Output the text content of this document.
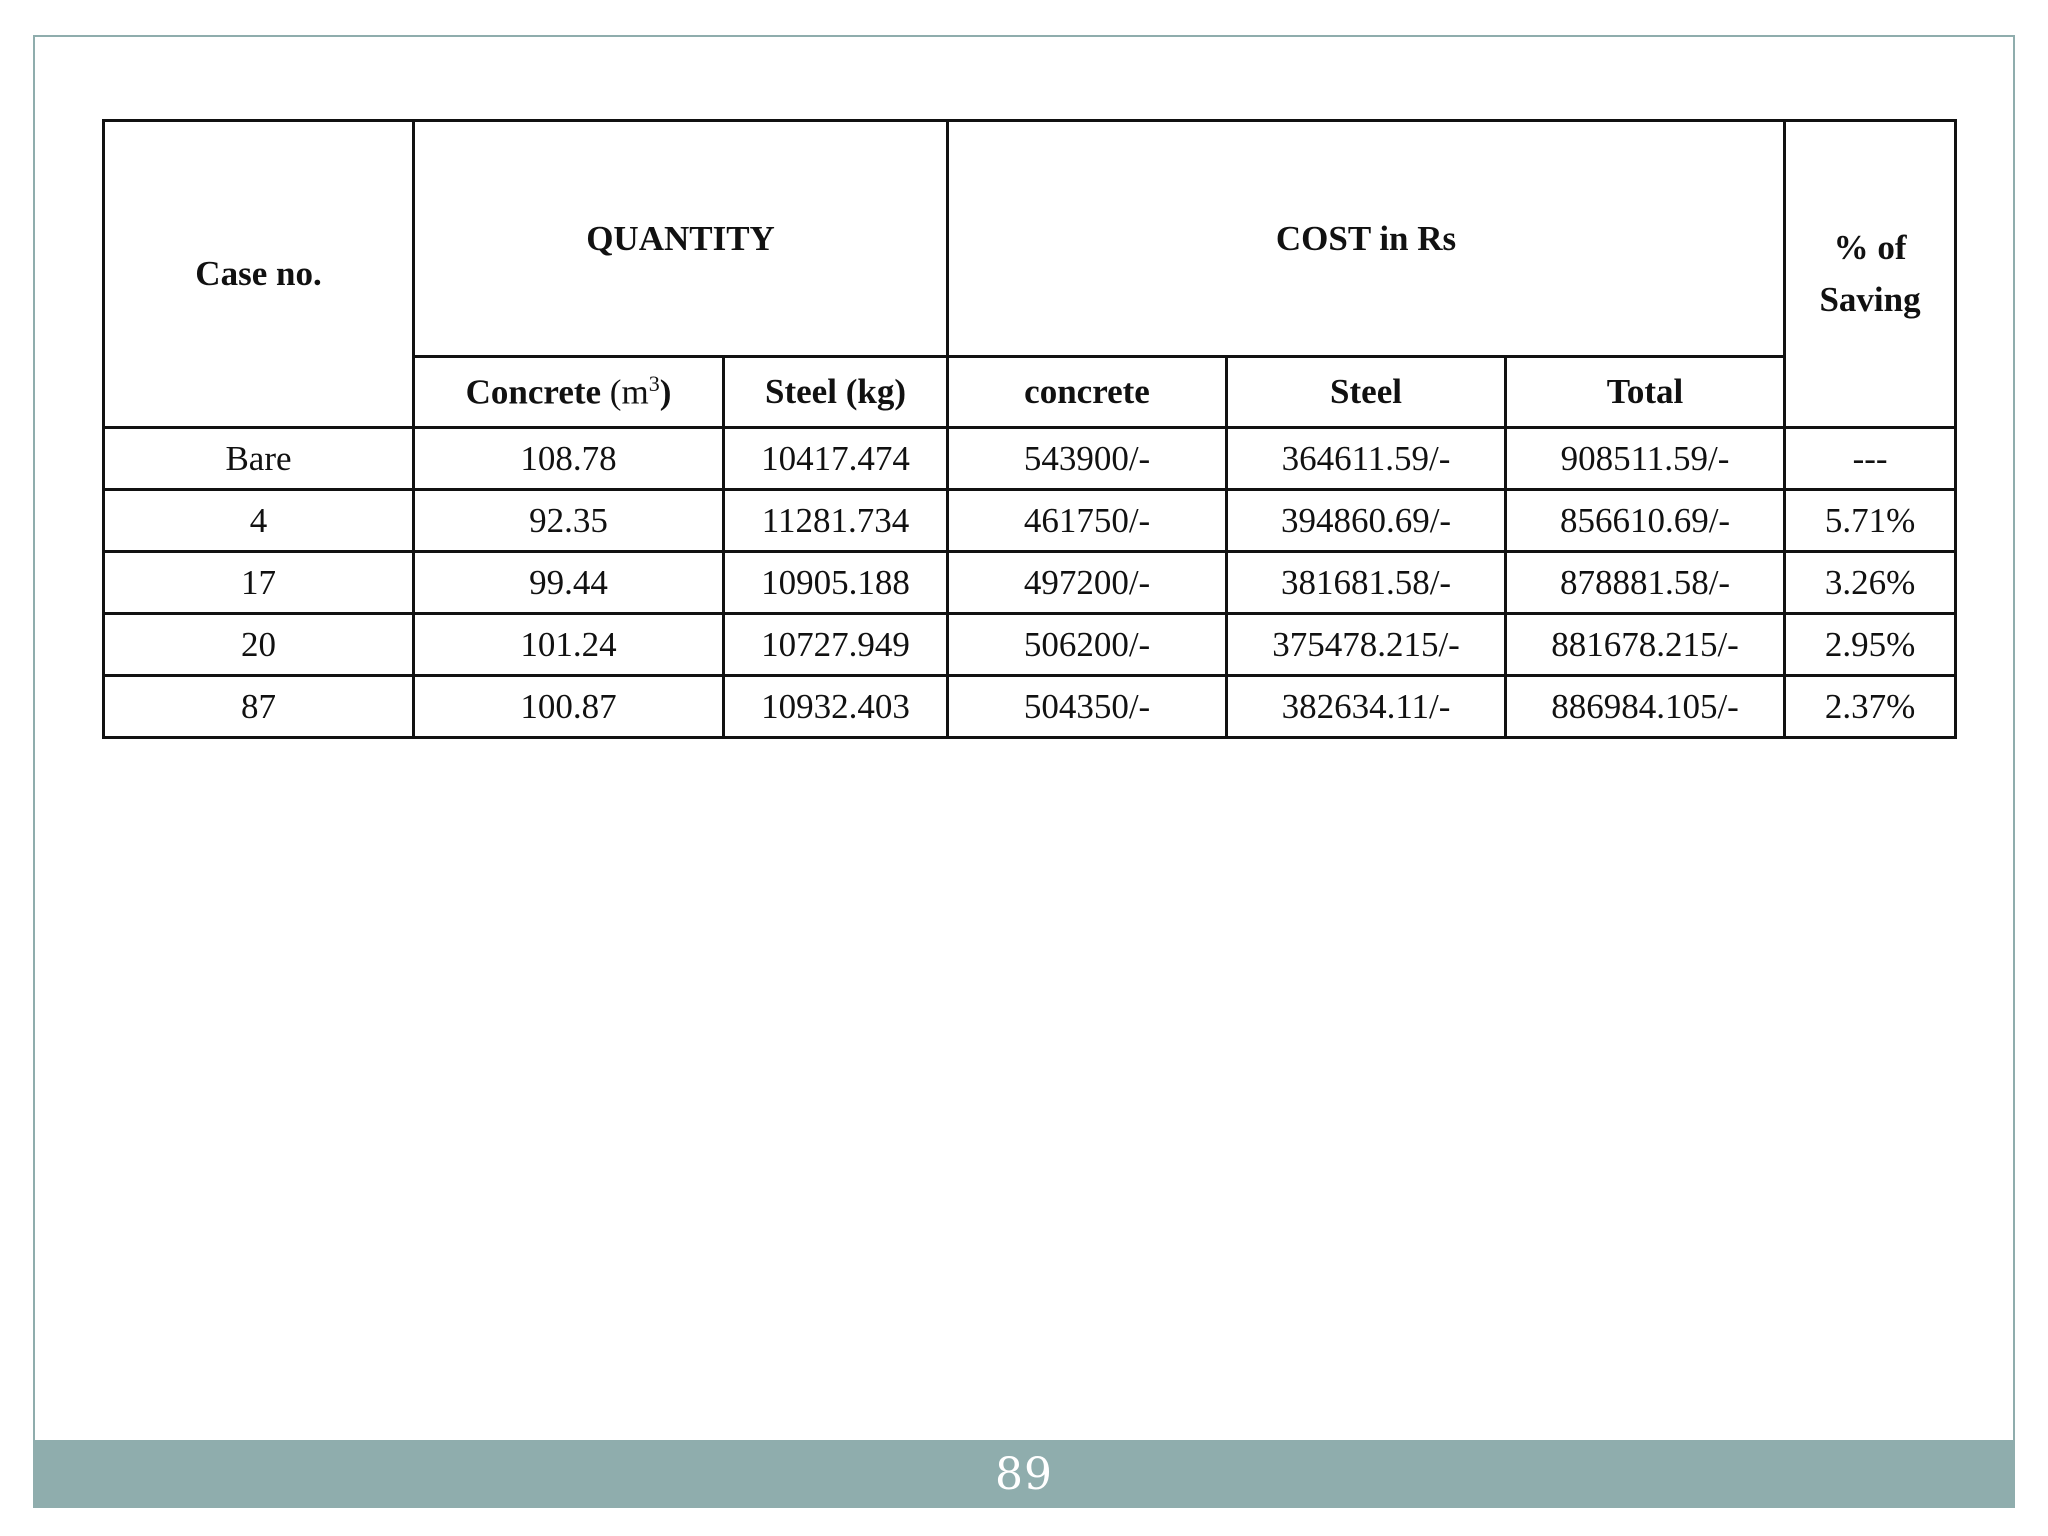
Case no.	QUANTITY		COST in Rs			% of
Saving
	Concrete $(m^3)$	Steel (kg)	concrete	Steel	Total	
Bare	108.78	10417.474	543900/-	364611.59/-	908511.59/-	---
4	92.35	11281.734	461750/-	394860.69/-	856610.69/-	5.71%
17	99.44	10905.188	497200/-	381681.58/-	878881.58/-	3.26%
20	101.24	10727.949	506200/-	375478.215/-	881678.215/-	2.95%
87	100.87	10932.403	504350/-	382634.11/-	886984.105/-	2.37%
89
